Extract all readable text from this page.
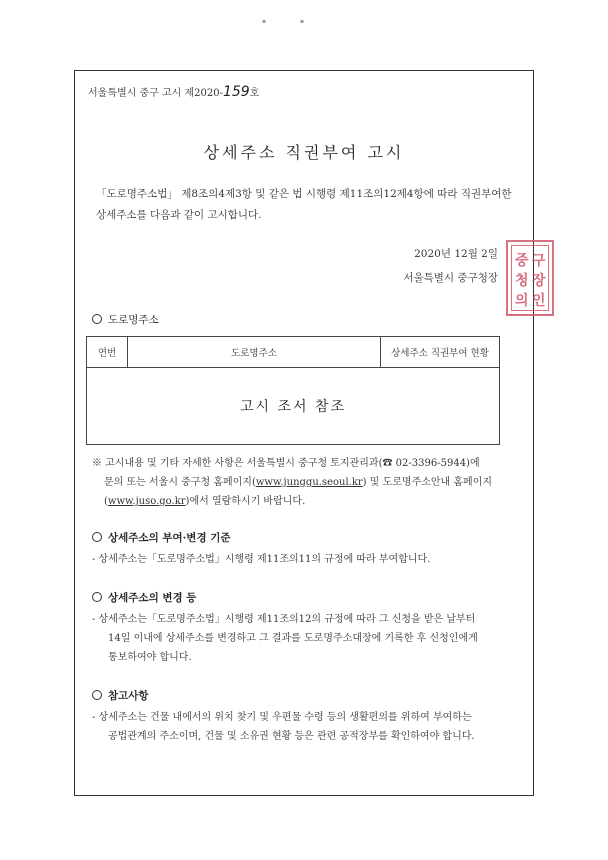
▪	▪
서울특별시 중구 고시 제2020-159호
상세주소 직권부여 고시
「도로명주소법」 제8조의4제3항 및 같은 법 시행령 제11조의12제4항에 따라 직권부여한
상세주소를 다음과 같이 고시합니다.
2020년 12월 2일
서울특별시 중구청장
중 구
청 장
의 인
도로명주소
연번	도로명주소	상세주소 직권부여 현황
고시 조서 참조
※ 고시내용 및 기타 자세한 사항은 서울특별시 중구청 토지관리과(☎ 02-3396-5944)에
문의 또는 서울시 중구청 홈페이지(www.junggu.seoul.kr) 및 도로명주소안내 홈페이지
(www.juso.go.kr)에서 열람하시기 바랍니다.
상세주소의 부여·변경 기준
- 상세주소는「도로명주소법」시행령 제11조의11의 규정에 따라 부여합니다.
상세주소의 변경 등
- 상세주소는「도로명주소법」시행령 제11조의12의 규정에 따라 그 신청을 받은 날부터
14일 이내에 상세주소를 변경하고 그 결과를 도로명주소대장에 기록한 후 신청인에게
통보하여야 합니다.
참고사항
- 상세주소는 건물 내에서의 위치 찾기 및 우편물 수령 등의 생활편의를 위하여 부여하는
공법관계의 주소이며, 건물 및 소유권 현황 등은 관련 공적장부를 확인하여야 합니다.
